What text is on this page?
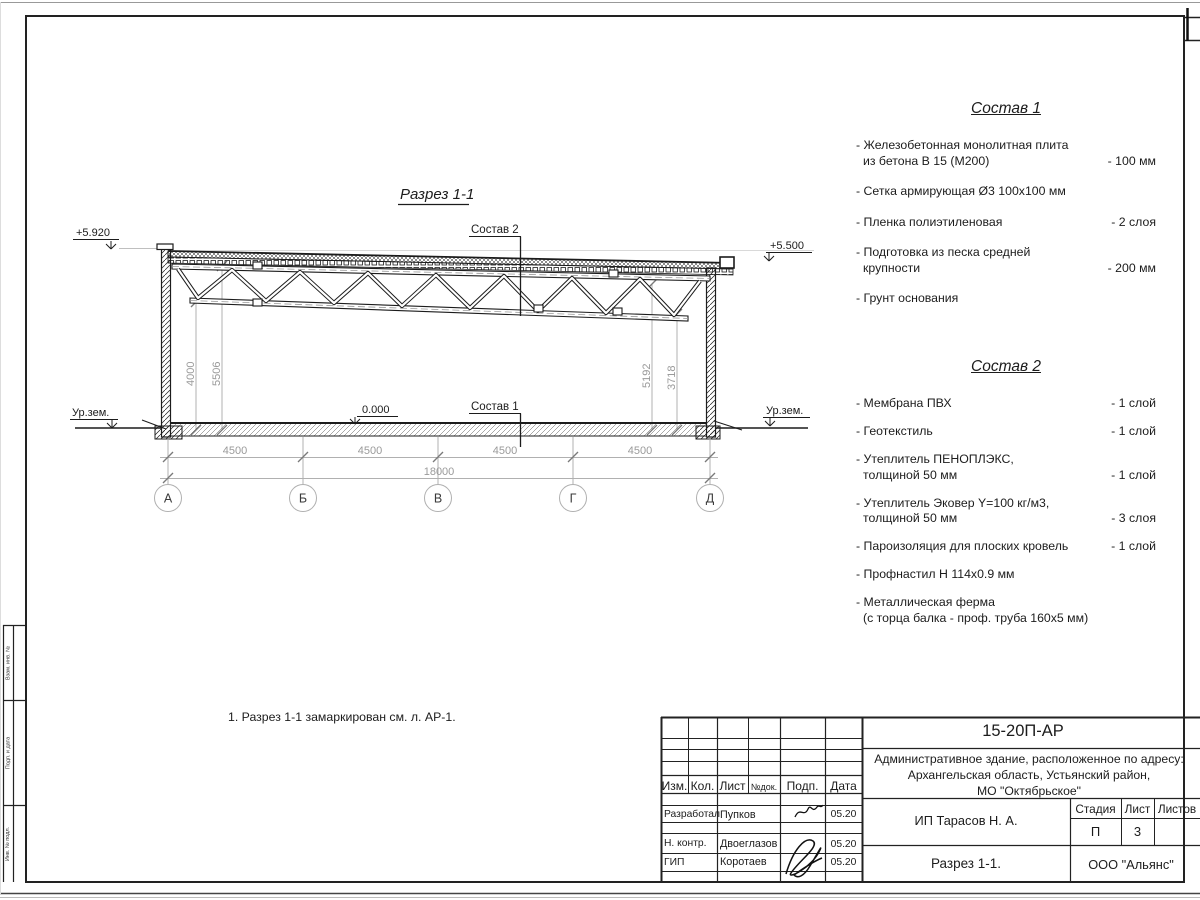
Состав 2
Состав 1
+5.920
+5.500
0.000
Ур.зем.	Ур.зем.
4500	4500	4500	4500
18000
4000 5506	5192 3718
А	Б	В	Г	Д
Разрез 1-1
Состав 1
- Железобетонная монолитная плита
из бетона В 15 (М200)	- 100 мм
- Сетка армирующая Ø3 100х100 мм
- Пленка полиэтиленовая	- 2 слоя
- Подготовка из песка средней
крупности	- 200 мм
- Грунт основания
Состав 2
- Мембрана ПВХ	- 1 слой
- Геотекстиль	- 1 слой
- Утеплитель ПЕНОПЛЭКС,
толщиной 50 мм	- 1 слой
- Утеплитель Эковер Y=100 кг/м3,
толщиной 50 мм	- 3 слоя
- Пароизоляция для плоских кровель	- 1 слой
- Профнастил Н 114х0.9 мм
- Металлическая ферма
(с торца балка - проф. труба 160х5 мм)
1. Разрез 1-1 замаркирован см. л. АР-1.
15-20П-АР
Административное здание, расположенное по адресу:
Архангельская область, Устьянский район,
МО "Октябрьское"
ИП Тарасов Н. А.
Стадия Лист Листов
П	3
Разрез 1-1.	ООО "Альянс"
Изм. Кол. Лист №док. Подп. Дата
Разработал Пупков	05.20
Н. контр.	Двоеглазов	05.20
ГИП	Коротаев	05.20
Взам. инв. №
Подп. и дата
Инв. № подл.
